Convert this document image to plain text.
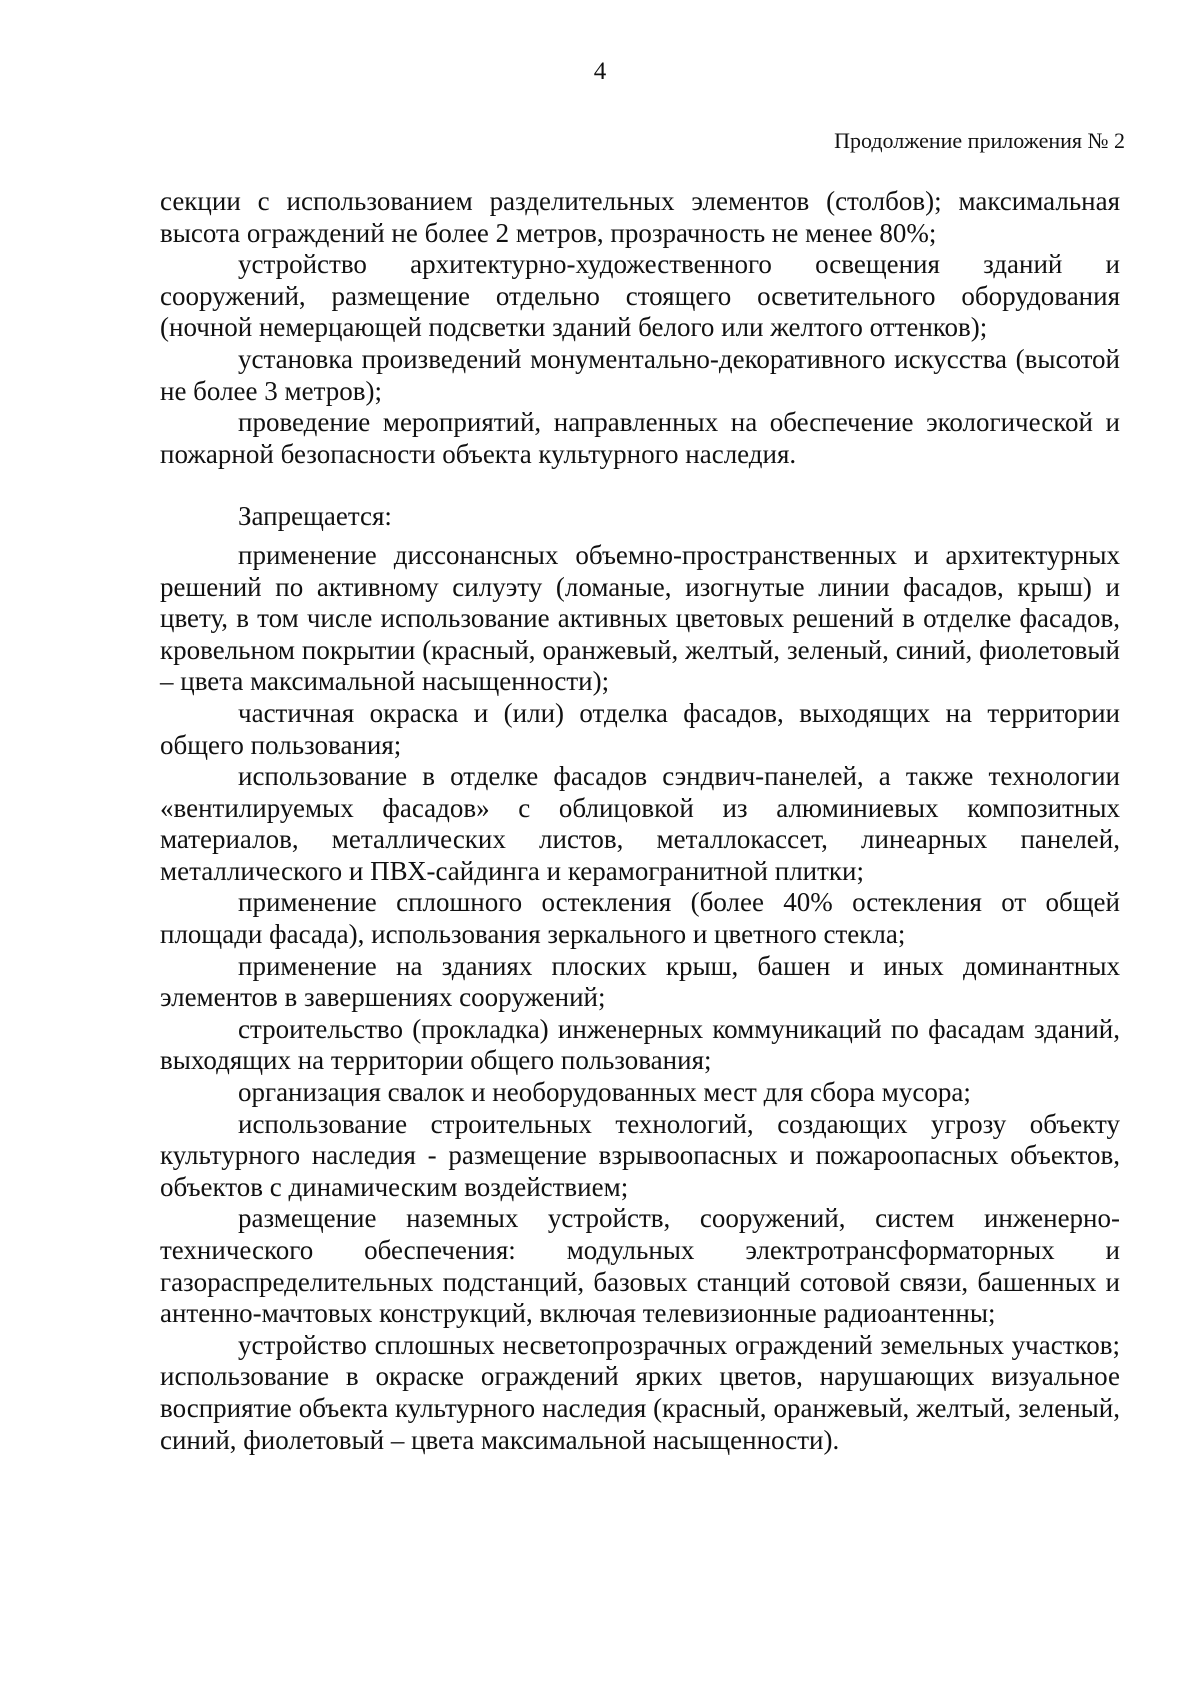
4
Продолжение приложения № 2

секции с использованием разделительных элементов (столбов); максимальная высота ограждений не более 2 метров, прозрачность не менее 80%;

устройство архитектурно-художественного освещения зданий и сооружений, размещение отдельно стоящего осветительного оборудования (ночной немерцающей подсветки зданий белого или желтого оттенков);

установка произведений монументально-декоративного искусства (высотой не более 3 метров);

проведение мероприятий, направленных на обеспечение экологической и пожарной безопасности объекта культурного наследия.

Запрещается:

применение диссонансных объемно-пространственных и архитектурных решений по активному силуэту (ломаные, изогнутые линии фасадов, крыш) и цвету, в том числе использование активных цветовых решений в отделке фасадов, кровельном покрытии (красный, оранжевый, желтый, зеленый, синий, фиолетовый – цвета максимальной насыщенности);

частичная окраска и (или) отделка фасадов, выходящих на территории общего пользования;

использование в отделке фасадов сэндвич-панелей, а также технологии «вентилируемых фасадов» с облицовкой из алюминиевых композитных материалов, металлических листов, металлокассет, линеарных панелей, металлического и ПВХ-сайдинга и керамогранитной плитки;

применение сплошного остекления (более 40% остекления от общей площади фасада), использования зеркального и цветного стекла;

применение на зданиях плоских крыш, башен и иных доминантных элементов в завершениях сооружений;

строительство (прокладка) инженерных коммуникаций по фасадам зданий, выходящих на территории общего пользования;

организация свалок и необорудованных мест для сбора мусора;

использование строительных технологий, создающих угрозу объекту культурного наследия - размещение взрывоопасных и пожароопасных объектов, объектов с динамическим воздействием;

размещение наземных устройств, сооружений, систем инженерно-технического обеспечения: модульных электротрансформаторных и газораспределительных подстанций, базовых станций сотовой связи, башенных и антенно-мачтовых конструкций, включая телевизионные радиоантенны;

устройство сплошных несветопрозрачных ограждений земельных участков; использование в окраске ограждений ярких цветов, нарушающих визуальное восприятие объекта культурного наследия (красный, оранжевый, желтый, зеленый, синий, фиолетовый – цвета максимальной насыщенности).
